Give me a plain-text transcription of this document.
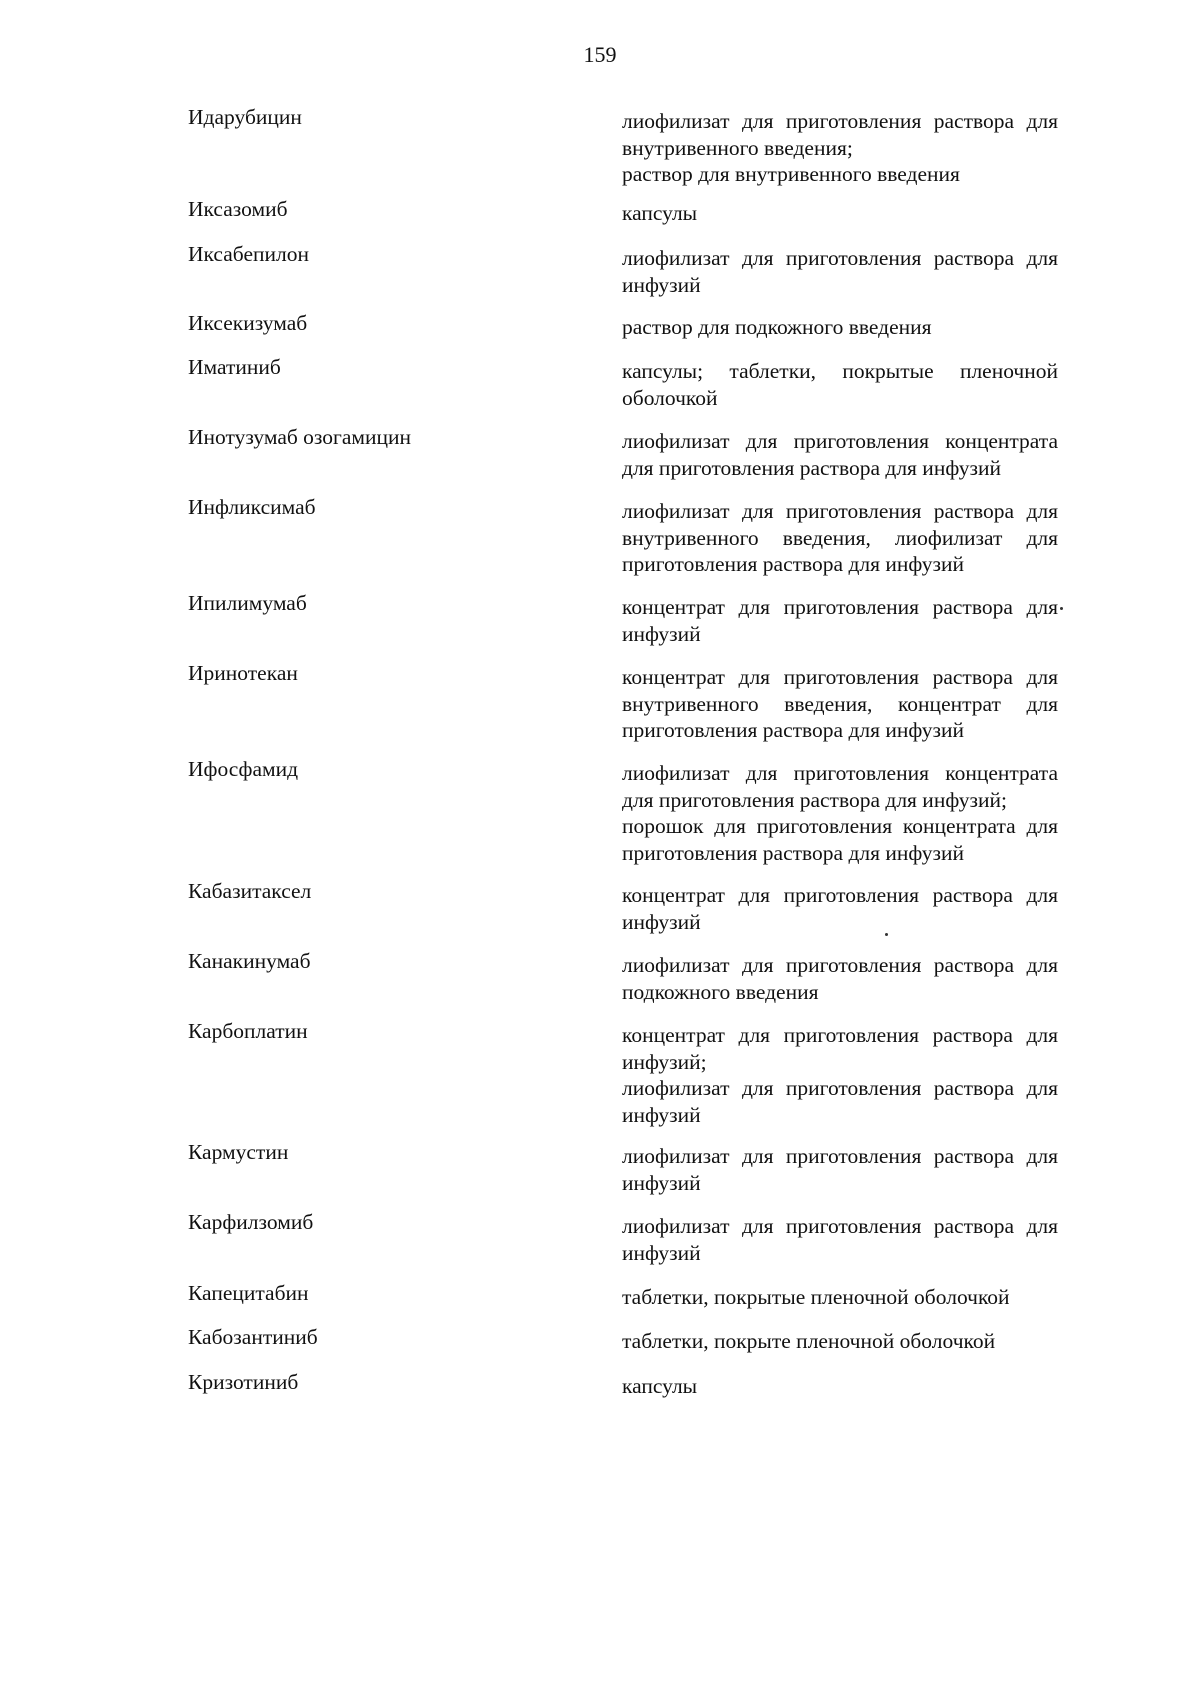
159
Идарубицин	лиофилизат для приготовления раствора для
внутривенного введения;
раствор для внутривенного введения
Иксазомиб	капсулы
Иксабепилон	лиофилизат для приготовления раствора для
инфузий
Иксекизумаб	раствор для подкожного введения
Иматиниб	капсулы; таблетки, покрытые пленочной
оболочкой
Инотузумаб озогамицин	лиофилизат для приготовления концентрата
для приготовления раствора для инфузий
Инфликсимаб	лиофилизат для приготовления раствора для
внутривенного введения, лиофилизат для
приготовления раствора для инфузий
Ипилимумаб	концентрат для приготовления раствора для
инфузий
Иринотекан	концентрат для приготовления раствора для
внутривенного введения, концентрат для
приготовления раствора для инфузий
Ифосфамид	лиофилизат для приготовления концентрата
для приготовления раствора для инфузий;
порошок для приготовления концентрата для
приготовления раствора для инфузий
Кабазитаксел	концентрат для приготовления раствора для
инфузий
Канакинумаб	лиофилизат для приготовления раствора для
подкожного введения
Карбоплатин	концентрат для приготовления раствора для
инфузий;
лиофилизат для приготовления раствора для
инфузий
Кармустин	лиофилизат для приготовления раствора для
инфузий
Карфилзомиб	лиофилизат для приготовления раствора для
инфузий
Капецитабин	таблетки, покрытые пленочной оболочкой
Кабозантиниб	таблетки, покрыте пленочной оболочкой
Кризотиниб	капсулы
